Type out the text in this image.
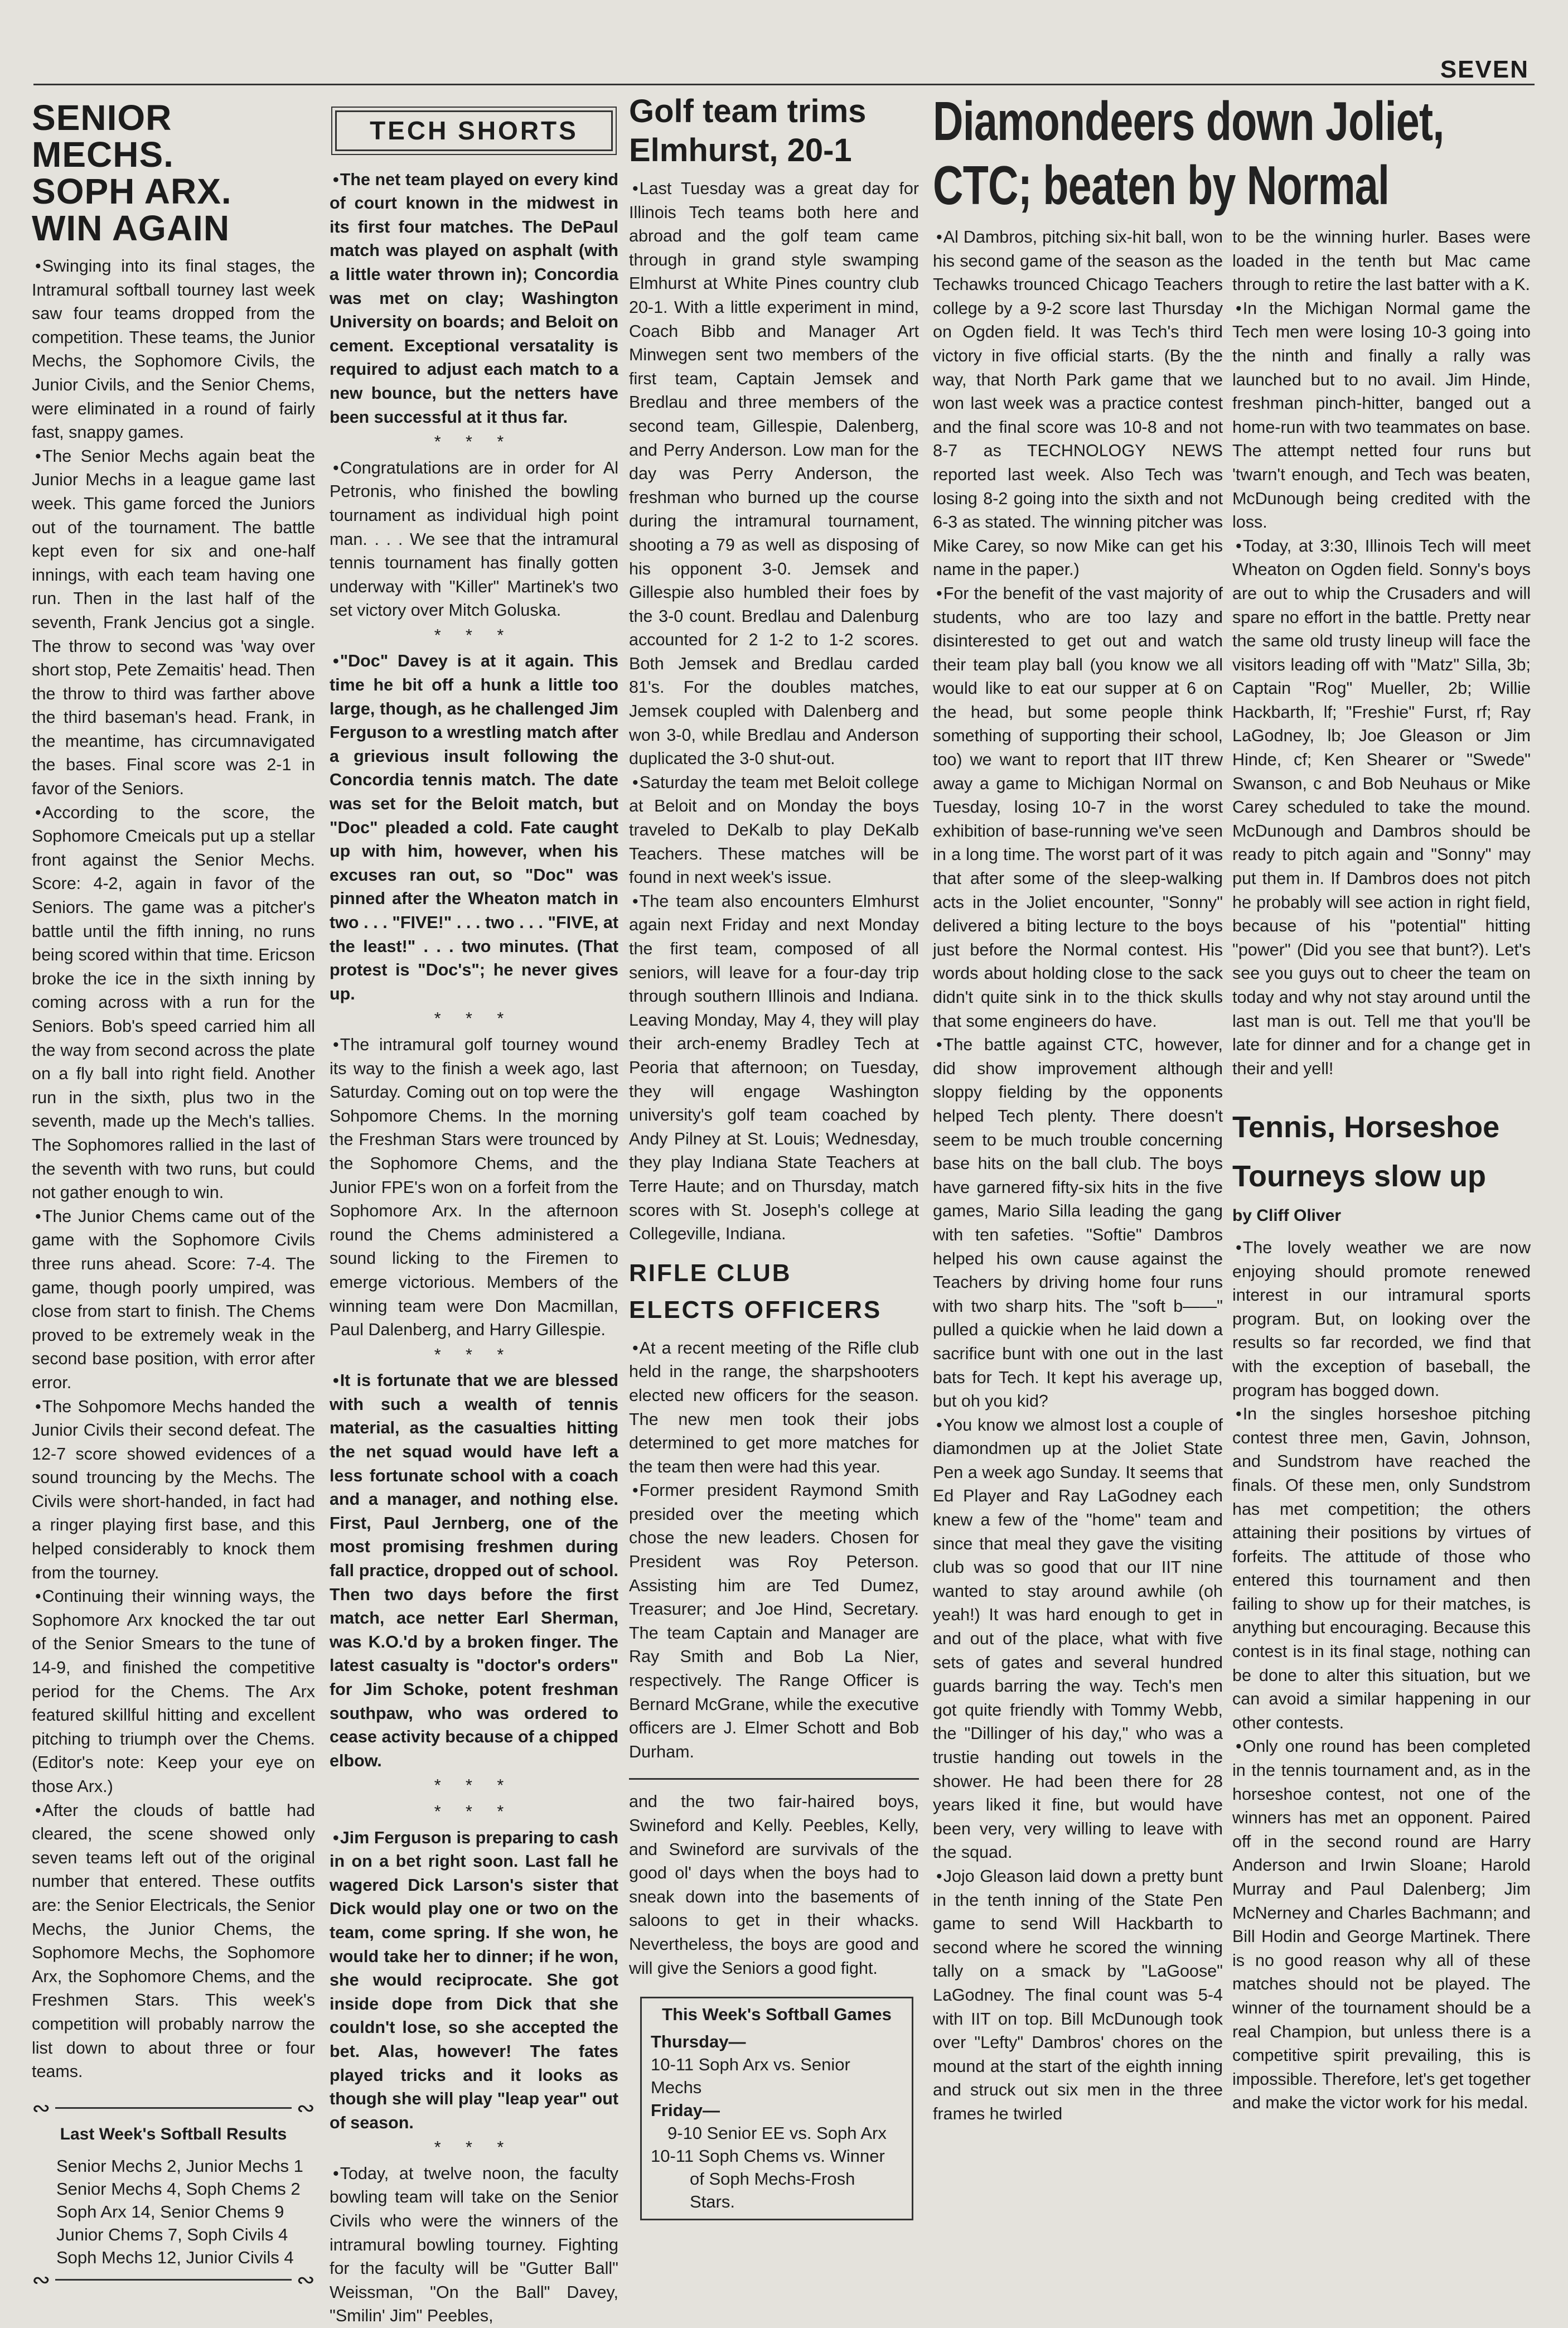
SEVEN
SENIOR MECHS.
SOPH ARX.
WIN AGAIN

• Swinging into its final stages, the Intramural softball tourney last week saw four teams dropped from the competition. These teams, the Junior Mechs, the Sophomore Civils, the Junior Civils, and the Senior Chems, were eliminated in a round of fairly fast, snappy games.

• The Senior Mechs again beat the Junior Mechs in a league game last week. This game forced the Juniors out of the tournament. The battle kept even for six and one-half innings, with each team having one run. Then in the last half of the seventh, Frank Jencius got a single. The throw to second was 'way over short stop, Pete Zemaitis' head. Then the throw to third was farther above the third baseman's head. Frank, in the meantime, has circumnavigated the bases. Final score was 2-1 in favor of the Seniors.

• According to the score, the Sophomore Cmeicals put up a stellar front against the Senior Mechs. Score: 4-2, again in favor of the Seniors. The game was a pitcher's battle until the fifth inning, no runs being scored within that time. Ericson broke the ice in the sixth inning by coming across with a run for the Seniors. Bob's speed carried him all the way from second across the plate on a fly ball into right field. Another run in the sixth, plus two in the seventh, made up the Mech's tallies. The Sophomores rallied in the last of the seventh with two runs, but could not gather enough to win.

• The Junior Chems came out of the game with the Sophomore Civils three runs ahead. Score: 7-4. The game, though poorly umpired, was close from start to finish. The Chems proved to be extremely weak in the second base position, with error after error.

• The Sohpomore Mechs handed the Junior Civils their second defeat. The 12-7 score showed evidences of a sound trouncing by the Mechs. The Civils were short-handed, in fact had a ringer playing first base, and this helped considerably to knock them from the tourney.

• Continuing their winning ways, the Sophomore Arx knocked the tar out of the Senior Smears to the tune of 14-9, and finished the competitive period for the Chems. The Arx featured skillful hitting and excellent pitching to triumph over the Chems. (Editor's note: Keep your eye on those Arx.)

• After the clouds of battle had cleared, the scene showed only seven teams left out of the original number that entered. These outfits are: the Senior Electricals, the Senior Mechs, the Junior Chems, the Sophomore Mechs, the Sophomore Arx, the Sophomore Chems, and the Freshmen Stars. This week's competition will probably narrow the list down to about three or four teams.

∾	∾
Last Week's Softball Results
Senior Mechs 2, Junior Mechs 1
Senior Mechs 4, Soph Chems 2
Soph Arx 14, Senior Chems 9
Junior Chems 7, Soph Civils 4
Soph Mechs 12, Junior Civils 4
∾	∾
TECH SHORTS

• The net team played on every kind of court known in the midwest in its first four matches. The DePaul match was played on asphalt (with a little water thrown in); Concordia was met on clay; Washington University on boards; and Beloit on cement. Exceptional versatality is required to adjust each match to a new bounce, but the netters have been successful at it thus far.

* * *

• Congratulations are in order for Al Petronis, who finished the bowling tournament as individual high point man. . . . We see that the intramural tennis tournament has finally gotten underway with "Killer" Martinek's two set victory over Mitch Goluska.

* * *

• "Doc" Davey is at it again. This time he bit off a hunk a little too large, though, as he challenged Jim Ferguson to a wrestling match after a grievious insult following the Concordia tennis match. The date was set for the Beloit match, but "Doc" pleaded a cold. Fate caught up with him, however, when his excuses ran out, so "Doc" was pinned after the Wheaton match in two . . . "FIVE!" . . . two . . . "FIVE, at the least!" . . . two minutes. (That protest is "Doc's"; he never gives up.

* * *

• The intramural golf tourney wound its way to the finish a week ago, last Saturday. Coming out on top were the Sohpomore Chems. In the morning the Freshman Stars were trounced by the Sophomore Chems, and the Junior FPE's won on a forfeit from the Sophomore Arx. In the afternoon round the Chems administered a sound licking to the Firemen to emerge victorious. Members of the winning team were Don Macmillan, Paul Dalenberg, and Harry Gillespie.

* * *

• It is fortunate that we are blessed with such a wealth of tennis material, as the casualties hitting the net squad would have left a less fortunate school with a coach and a manager, and nothing else. First, Paul Jernberg, one of the most promising freshmen during fall practice, dropped out of school. Then two days before the first match, ace netter Earl Sherman, was K.O.'d by a broken finger. The latest casualty is "doctor's orders" for Jim Schoke, potent freshman southpaw, who was ordered to cease activity because of a chipped elbow.

* * *
* * *

• Jim Ferguson is preparing to cash in on a bet right soon. Last fall he wagered Dick Larson's sister that Dick would play one or two on the team, come spring. If she won, he would take her to dinner; if he won, she would reciprocate. She got inside dope from Dick that she couldn't lose, so she accepted the bet. Alas, however! The fates played tricks and it looks as though she will play "leap year" out of season.

* * *

• Today, at twelve noon, the faculty bowling team will take on the Senior Civils who were the winners of the intramural bowling tourney. Fighting for the faculty will be "Gutter Ball" Weissman, "On the Ball" Davey, "Smilin' Jim" Peebles,

Golf team trims Elmhurst, 20-1

• Last Tuesday was a great day for Illinois Tech teams both here and abroad and the golf team came through in grand style swamping Elmhurst at White Pines country club 20-1. With a little experiment in mind, Coach Bibb and Manager Art Minwegen sent two members of the first team, Captain Jemsek and Bredlau and three members of the second team, Gillespie, Dalenberg, and Perry Anderson. Low man for the day was Perry Anderson, the freshman who burned up the course during the intramural tournament, shooting a 79 as well as disposing of his opponent 3-0. Jemsek and Gillespie also humbled their foes by the 3-0 count. Bredlau and Dalenburg accounted for 2 1-2 to 1-2 scores. Both Jemsek and Bredlau carded 81's. For the doubles matches, Jemsek coupled with Dalenberg and won 3-0, while Bredlau and Anderson duplicated the 3-0 shut-out.

• Saturday the team met Beloit college at Beloit and on Monday the boys traveled to DeKalb to play DeKalb Teachers. These matches will be found in next week's issue.

• The team also encounters Elmhurst again next Friday and next Monday the first team, composed of all seniors, will leave for a four-day trip through southern Illinois and Indiana. Leaving Monday, May 4, they will play their arch-enemy Bradley Tech at Peoria that afternoon; on Tuesday, they will engage Washington university's golf team coached by Andy Pilney at St. Louis; Wednesday, they play Indiana State Teachers at Terre Haute; and on Thursday, match scores with St. Joseph's college at Collegeville, Indiana.

RIFLE CLUB
ELECTS OFFICERS

• At a recent meeting of the Rifle club held in the range, the sharpshooters elected new officers for the season. The new men took their jobs determined to get more matches for the team then were had this year.

• Former president Raymond Smith presided over the meeting which chose the new leaders. Chosen for President was Roy Peterson. Assisting him are Ted Dumez, Treasurer; and Joe Hind, Secretary. The team Captain and Manager are Ray Smith and Bob La Nier, respectively. The Range Officer is Bernard McGrane, while the executive officers are J. Elmer Schott and Bob Durham.

and the two fair-haired boys, Swineford and Kelly. Peebles, Kelly, and Swineford are survivals of the good ol' days when the boys had to sneak down into the basements of saloons to get in their whacks. Nevertheless, the boys are good and will give the Seniors a good fight.

This Week's Softball Games
Thursday—
10-11 Soph Arx vs. Senior Mechs
Friday—
9-10 Senior EE vs. Soph Arx
10-11 Soph Chems vs. Winner
of Soph Mechs-Frosh Stars.
Diamondeers down Joliet, CTC; beaten by Normal

• Al Dambros, pitching six-hit ball, won his second game of the season as the Techawks trounced Chicago Teachers college by a 9-2 score last Thursday on Ogden field. It was Tech's third victory in five official starts. (By the way, that North Park game that we won last week was a practice contest and the final score was 10-8 and not 8-7 as TECHNOLOGY NEWS reported last week. Also Tech was losing 8-2 going into the sixth and not 6-3 as stated. The winning pitcher was Mike Carey, so now Mike can get his name in the paper.)

• For the benefit of the vast majority of students, who are too lazy and disinterested to get out and watch their team play ball (you know we all would like to eat our supper at 6 on the head, but some people think something of supporting their school, too) we want to report that IIT threw away a game to Michigan Normal on Tuesday, losing 10-7 in the worst exhibition of base-running we've seen in a long time. The worst part of it was that after some of the sleep-walking acts in the Joliet encounter, "Sonny" delivered a biting lecture to the boys just before the Normal contest. His words about holding close to the sack didn't quite sink in to the thick skulls that some engineers do have.

• The battle against CTC, however, did show improvement although sloppy fielding by the opponents helped Tech plenty. There doesn't seem to be much trouble concerning base hits on the ball club. The boys have garnered fifty-six hits in the five games, Mario Silla leading the gang with ten safeties. "Softie" Dambros helped his own cause against the Teachers by driving home four runs with two sharp hits. The "soft b——" pulled a quickie when he laid down a sacrifice bunt with one out in the last bats for Tech. It kept his average up, but oh you kid?

• You know we almost lost a couple of diamondmen up at the Joliet State Pen a week ago Sunday. It seems that Ed Player and Ray LaGodney each knew a few of the "home" team and since that meal they gave the visiting club was so good that our IIT nine wanted to stay around awhile (oh yeah!) It was hard enough to get in and out of the place, what with five sets of gates and several hundred guards barring the way. Tech's men got quite friendly with Tommy Webb, the "Dillinger of his day," who was a trustie handing out towels in the shower. He had been there for 28 years liked it fine, but would have been very, very willing to leave with the squad.

• Jojo Gleason laid down a pretty bunt in the tenth inning of the State Pen game to send Will Hackbarth to second where he scored the winning tally on a smack by "LaGoose" LaGodney. The final count was 5-4 with IIT on top. Bill McDunough took over "Lefty" Dambros' chores on the mound at the start of the eighth inning and struck out six men in the three frames he twirled

to be the winning hurler. Bases were loaded in the tenth but Mac came through to retire the last batter with a K.

• In the Michigan Normal game the Tech men were losing 10-3 going into the ninth and finally a rally was launched but to no avail. Jim Hinde, freshman pinch-hitter, banged out a home-run with two teammates on base. The attempt netted four runs but 'twarn't enough, and Tech was beaten, McDunough being credited with the loss.

• Today, at 3:30, Illinois Tech will meet Wheaton on Ogden field. Sonny's boys are out to whip the Crusaders and will spare no effort in the battle. Pretty near the same old trusty lineup will face the visitors leading off with "Matz" Silla, 3b; Captain "Rog" Mueller, 2b; Willie Hackbarth, lf; "Freshie" Furst, rf; Ray LaGodney, lb; Joe Gleason or Jim Hinde, cf; Ken Shearer or "Swede" Swanson, c and Bob Neuhaus or Mike Carey scheduled to take the mound. McDunough and Dambros should be ready to pitch again and "Sonny" may put them in. If Dambros does not pitch he probably will see action in right field, because of his "potential" hitting "power" (Did you see that bunt?). Let's see you guys out to cheer the team on today and why not stay around until the last man is out. Tell me that you'll be late for dinner and for a change get in their and yell!

Tennis, Horseshoe
Tourneys slow up
by Cliff Oliver

• The lovely weather we are now enjoying should promote renewed interest in our intramural sports program. But, on looking over the results so far recorded, we find that with the exception of baseball, the program has bogged down.

• In the singles horseshoe pitching contest three men, Gavin, Johnson, and Sundstrom have reached the finals. Of these men, only Sundstrom has met competition; the others attaining their positions by virtues of forfeits. The attitude of those who entered this tournament and then failing to show up for their matches, is anything but encouraging. Because this contest is in its final stage, nothing can be done to alter this situation, but we can avoid a similar happening in our other contests.

• Only one round has been completed in the tennis tournament and, as in the horseshoe contest, not one of the winners has met an opponent. Paired off in the second round are Harry Anderson and Irwin Sloane; Harold Murray and Paul Dalenberg; Jim McNerney and Charles Bachmann; and Bill Hodin and George Martinek. There is no good reason why all of these matches should not be played. The winner of the tournament should be a real Champion, but unless there is a competitive spirit prevailing, this is impossible. Therefore, let's get together and make the victor work for his medal.
